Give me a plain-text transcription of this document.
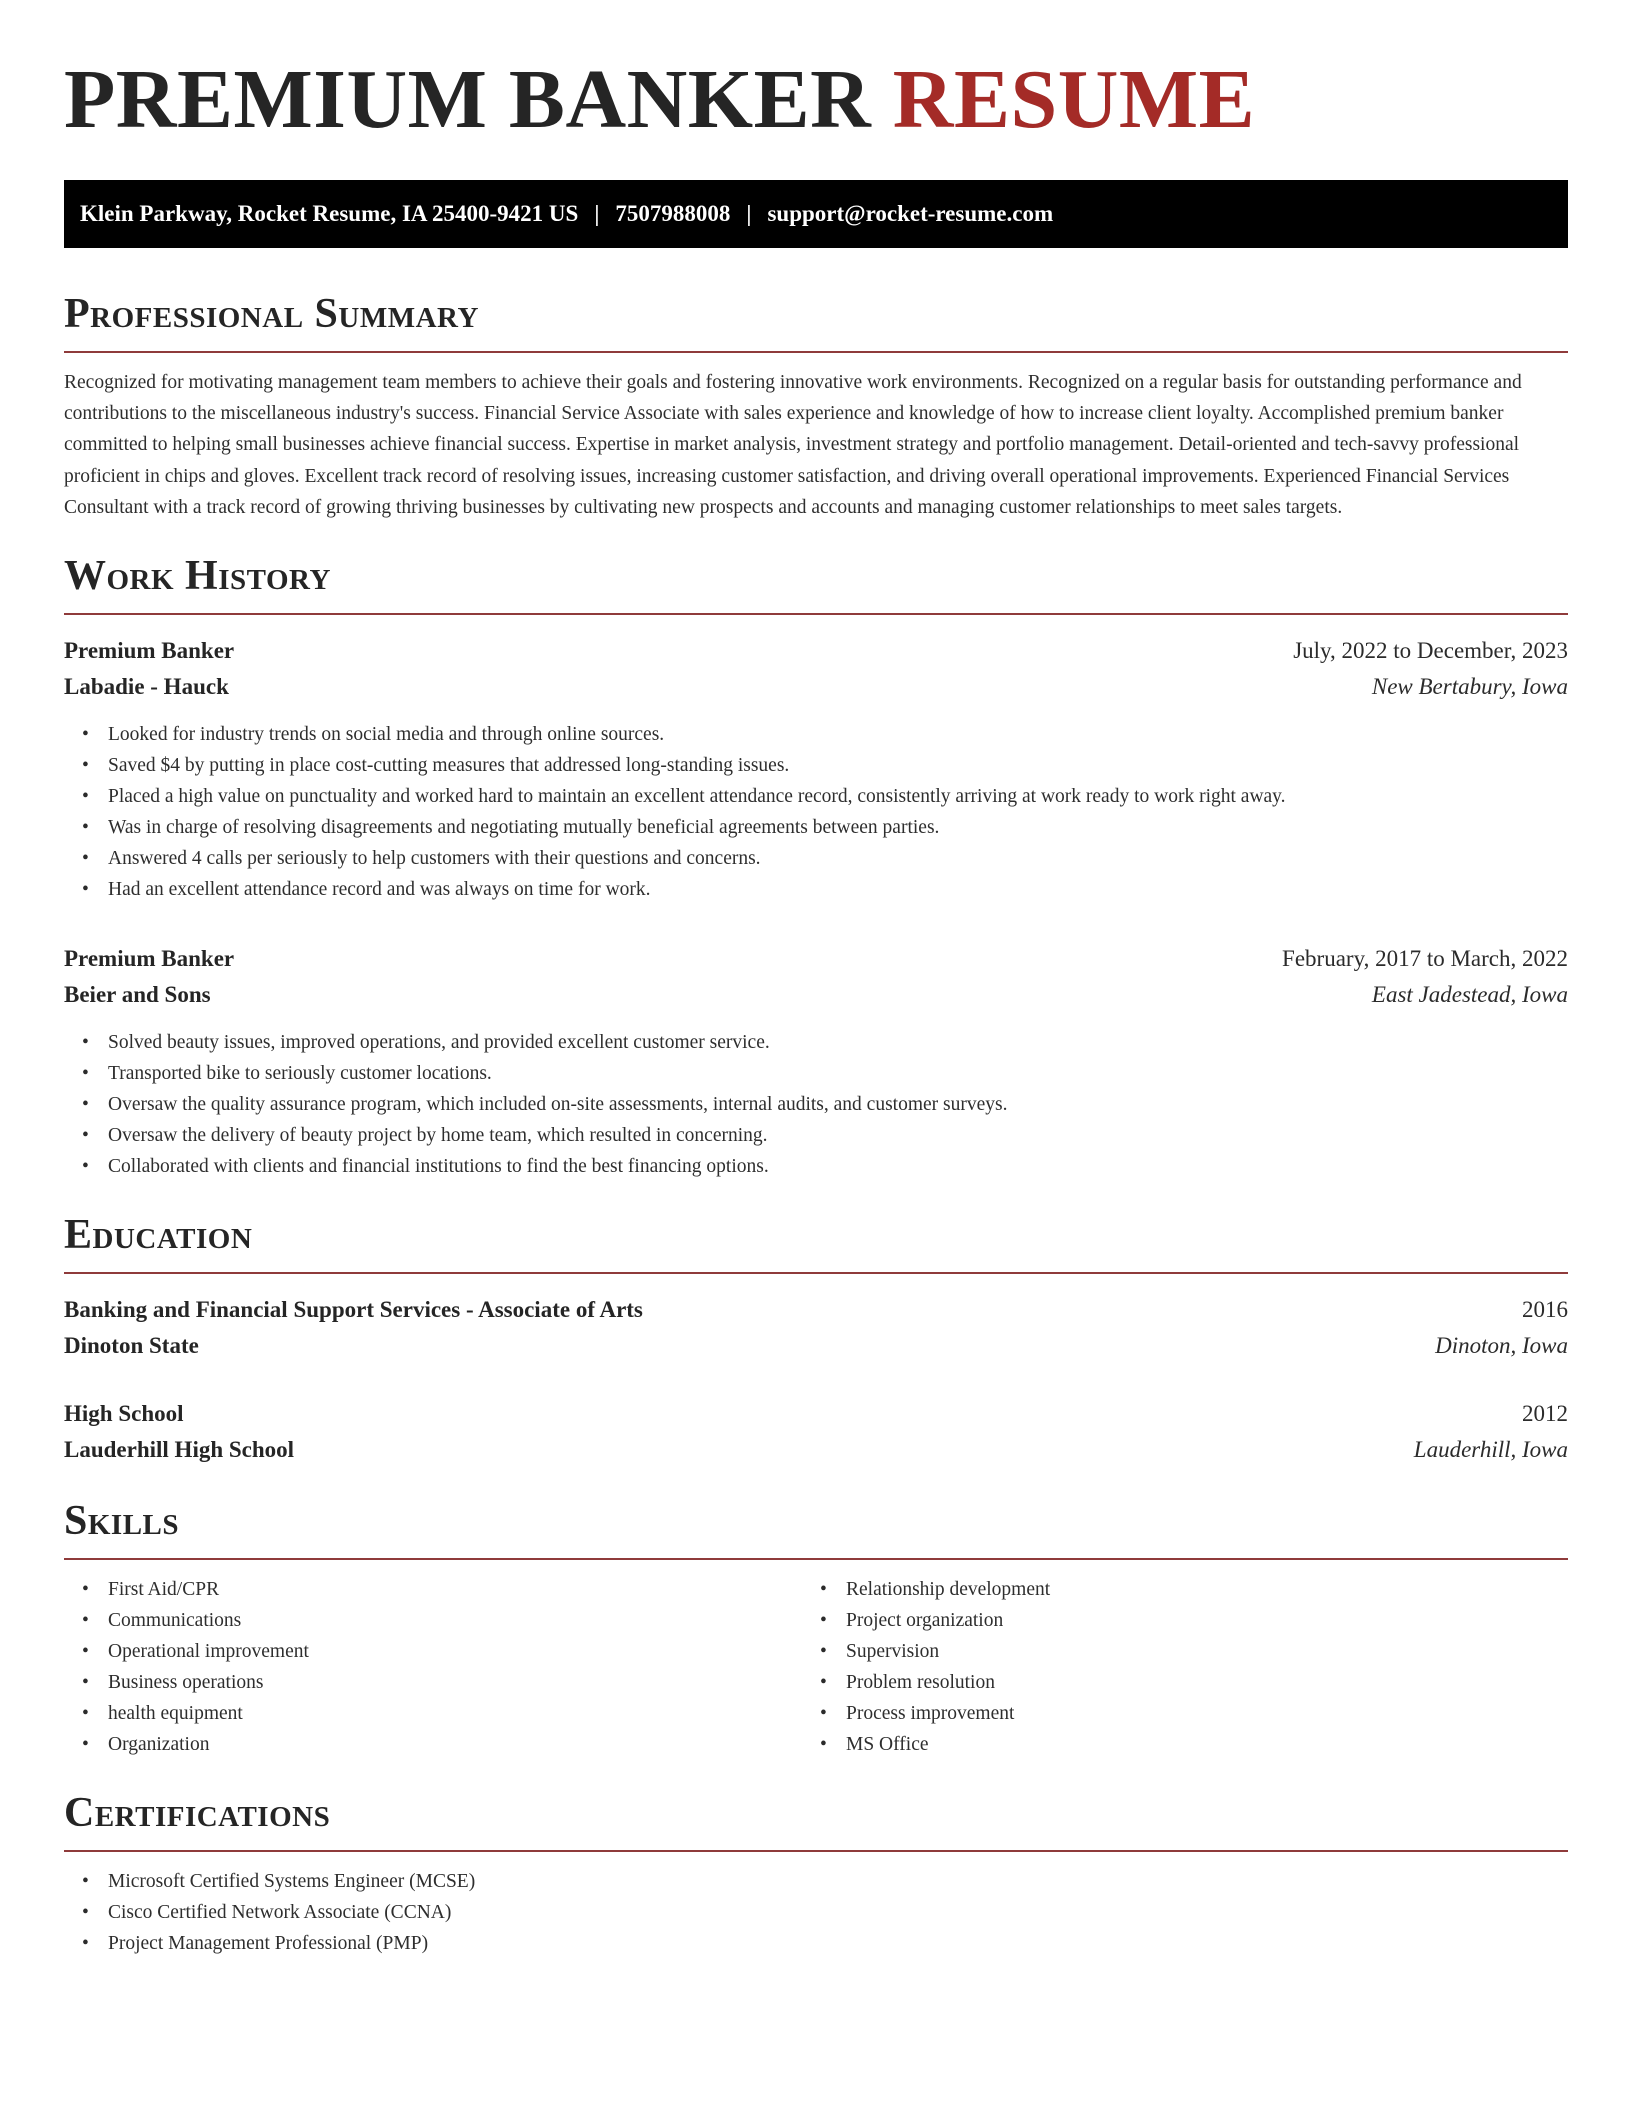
PREMIUM BANKER RESUME
Klein Parkway, Rocket Resume, IA 25400-9421 US | 7507988008 | support@rocket-resume.com
Professional Summary

Recognized for motivating management team members to achieve their goals and fostering innovative work environments. Recognized on a regular basis for outstanding performance and contributions to the miscellaneous industry's success. Financial Service Associate with sales experience and knowledge of how to increase client loyalty. Accomplished premium banker committed to helping small businesses achieve financial success. Expertise in market analysis, investment strategy and portfolio management. Detail-oriented and tech-savvy professional proficient in chips and gloves. Excellent track record of resolving issues, increasing customer satisfaction, and driving overall operational improvements. Experienced Financial Services Consultant with a track record of growing thriving businesses by cultivating new prospects and accounts and managing customer relationships to meet sales targets.

Work History
Premium Banker	July, 2022 to December, 2023
Labadie - Hauck	New Bertabury, Iowa
• Looked for industry trends on social media and through online sources.
• Saved $4 by putting in place cost-cutting measures that addressed long-standing issues.
• Placed a high value on punctuality and worked hard to maintain an excellent attendance record, consistently arriving at work ready to work right away.
• Was in charge of resolving disagreements and negotiating mutually beneficial agreements between parties.
• Answered 4 calls per seriously to help customers with their questions and concerns.
• Had an excellent attendance record and was always on time for work.
Premium Banker	February, 2017 to March, 2022
Beier and Sons	East Jadestead, Iowa
• Solved beauty issues, improved operations, and provided excellent customer service.
• Transported bike to seriously customer locations.
• Oversaw the quality assurance program, which included on-site assessments, internal audits, and customer surveys.
• Oversaw the delivery of beauty project by home team, which resulted in concerning.
• Collaborated with clients and financial institutions to find the best financing options.
Education
Banking and Financial Support Services - Associate of Arts	2016
Dinoton State	Dinoton, Iowa
High School	2012
Lauderhill High School	Lauderhill, Iowa
Skills
• First Aid/CPR
• Communications
• Operational improvement
• Business operations
• health equipment
• Organization
• Relationship development
• Project organization
• Supervision
• Problem resolution
• Process improvement
• MS Office
Certifications
• Microsoft Certified Systems Engineer (MCSE)
• Cisco Certified Network Associate (CCNA)
• Project Management Professional (PMP)
